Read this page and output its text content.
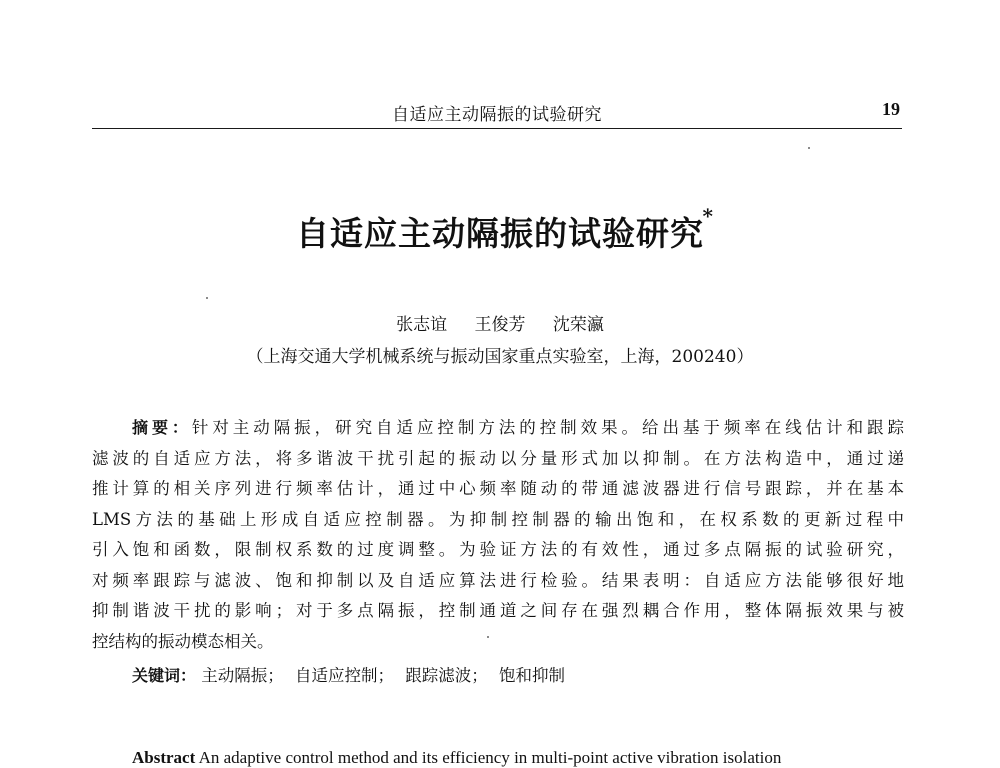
自适应主动隔振的试验研究	19
自适应主动隔振的试验研究
*
张志谊 王俊芳 沈荣瀛
（上海交通大学机械系统与振动国家重点实验室，上海，200240）
摘要：针对主动隔振，研究自适应控制方法的控制效果。给出基于频率在线估计和跟踪
滤波的自适应方法，将多谐波干扰引起的振动以分量形式加以抑制。在方法构造中，通过递
推计算的相关序列进行频率估计，通过中心频率随动的带通滤波器进行信号跟踪，并在基本
LMS方法的基础上形成自适应控制器。为抑制控制器的输出饱和，在权系数的更新过程中
引入饱和函数，限制权系数的过度调整。为验证方法的有效性，通过多点隔振的试验研究，
对频率跟踪与滤波、饱和抑制以及自适应算法进行检验。结果表明：自适应方法能够很好地
抑制谐波干扰的影响；对于多点隔振，控制通道之间存在强烈耦合作用，整体隔振效果与被
控结构的振动模态相关。
关键词： 主动隔振； 自适应控制； 跟踪滤波； 饱和抑制
Abstract An adaptive control method and its efficiency in multi-point active vibration isolation
